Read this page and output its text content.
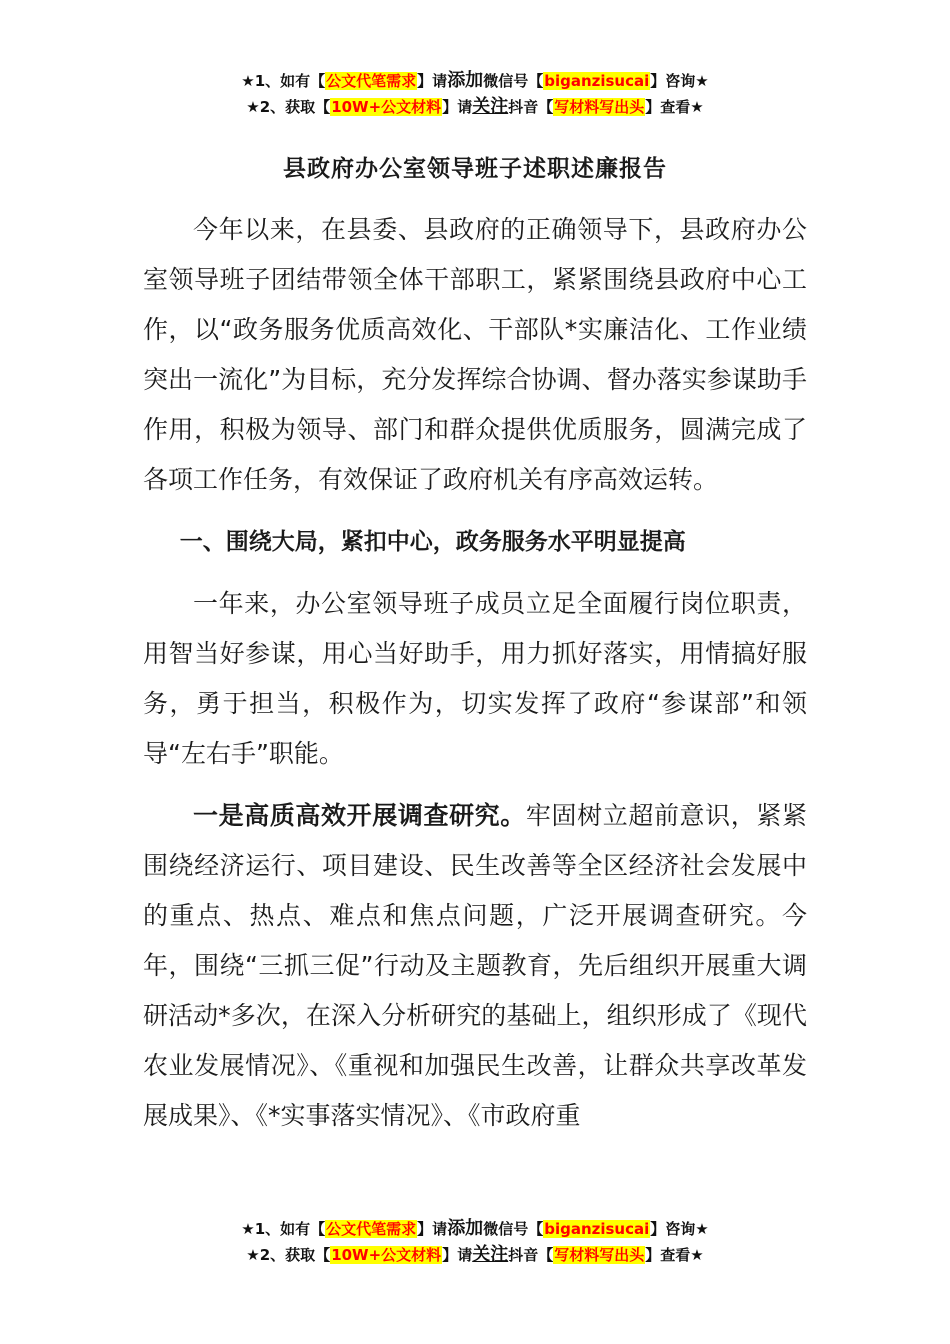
★1、如有【公文代笔需求】请添加微信号【biganzisucai】咨询★
★2、获取【10W+公文材料】请关注抖音【写材料写出头】查看★
县政府办公室领导班子述职述廉报告

今年以来，在县委、县政府的正确领导下，县政府办公室领导班子团结带领全体干部职工，紧紧围绕县政府中心工作，以“政务服务优质高效化、干部队*实廉洁化、工作业绩突出一流化”为目标，充分发挥综合协调、督办落实参谋助手作用，积极为领导、部门和群众提供优质服务，圆满完成了各项工作任务，有效保证了政府机关有序高效运转。

一、围绕大局，紧扣中心，政务服务水平明显提高

一年来，办公室领导班子成员立足全面履行岗位职责，用智当好参谋，用心当好助手，用力抓好落实，用情搞好服务，勇于担当，积极作为，切实发挥了政府“参谋部”和领导“左右手”职能。

一是高质高效开展调查研究。牢固树立超前意识，紧紧围绕经济运行、项目建设、民生改善等全区经济社会发展中的重点、热点、难点和焦点问题，广泛开展调查研究。今年，围绕“三抓三促”行动及主题教育，先后组织开展重大调研活动*多次，在深入分析研究的基础上，组织形成了《现代农业发展情况》、《重视和加强民生改善，让群众共享改革发展成果》、《*实事落实情况》、《市政府重

★1、如有【公文代笔需求】请添加微信号【biganzisucai】咨询★
★2、获取【10W+公文材料】请关注抖音【写材料写出头】查看★
